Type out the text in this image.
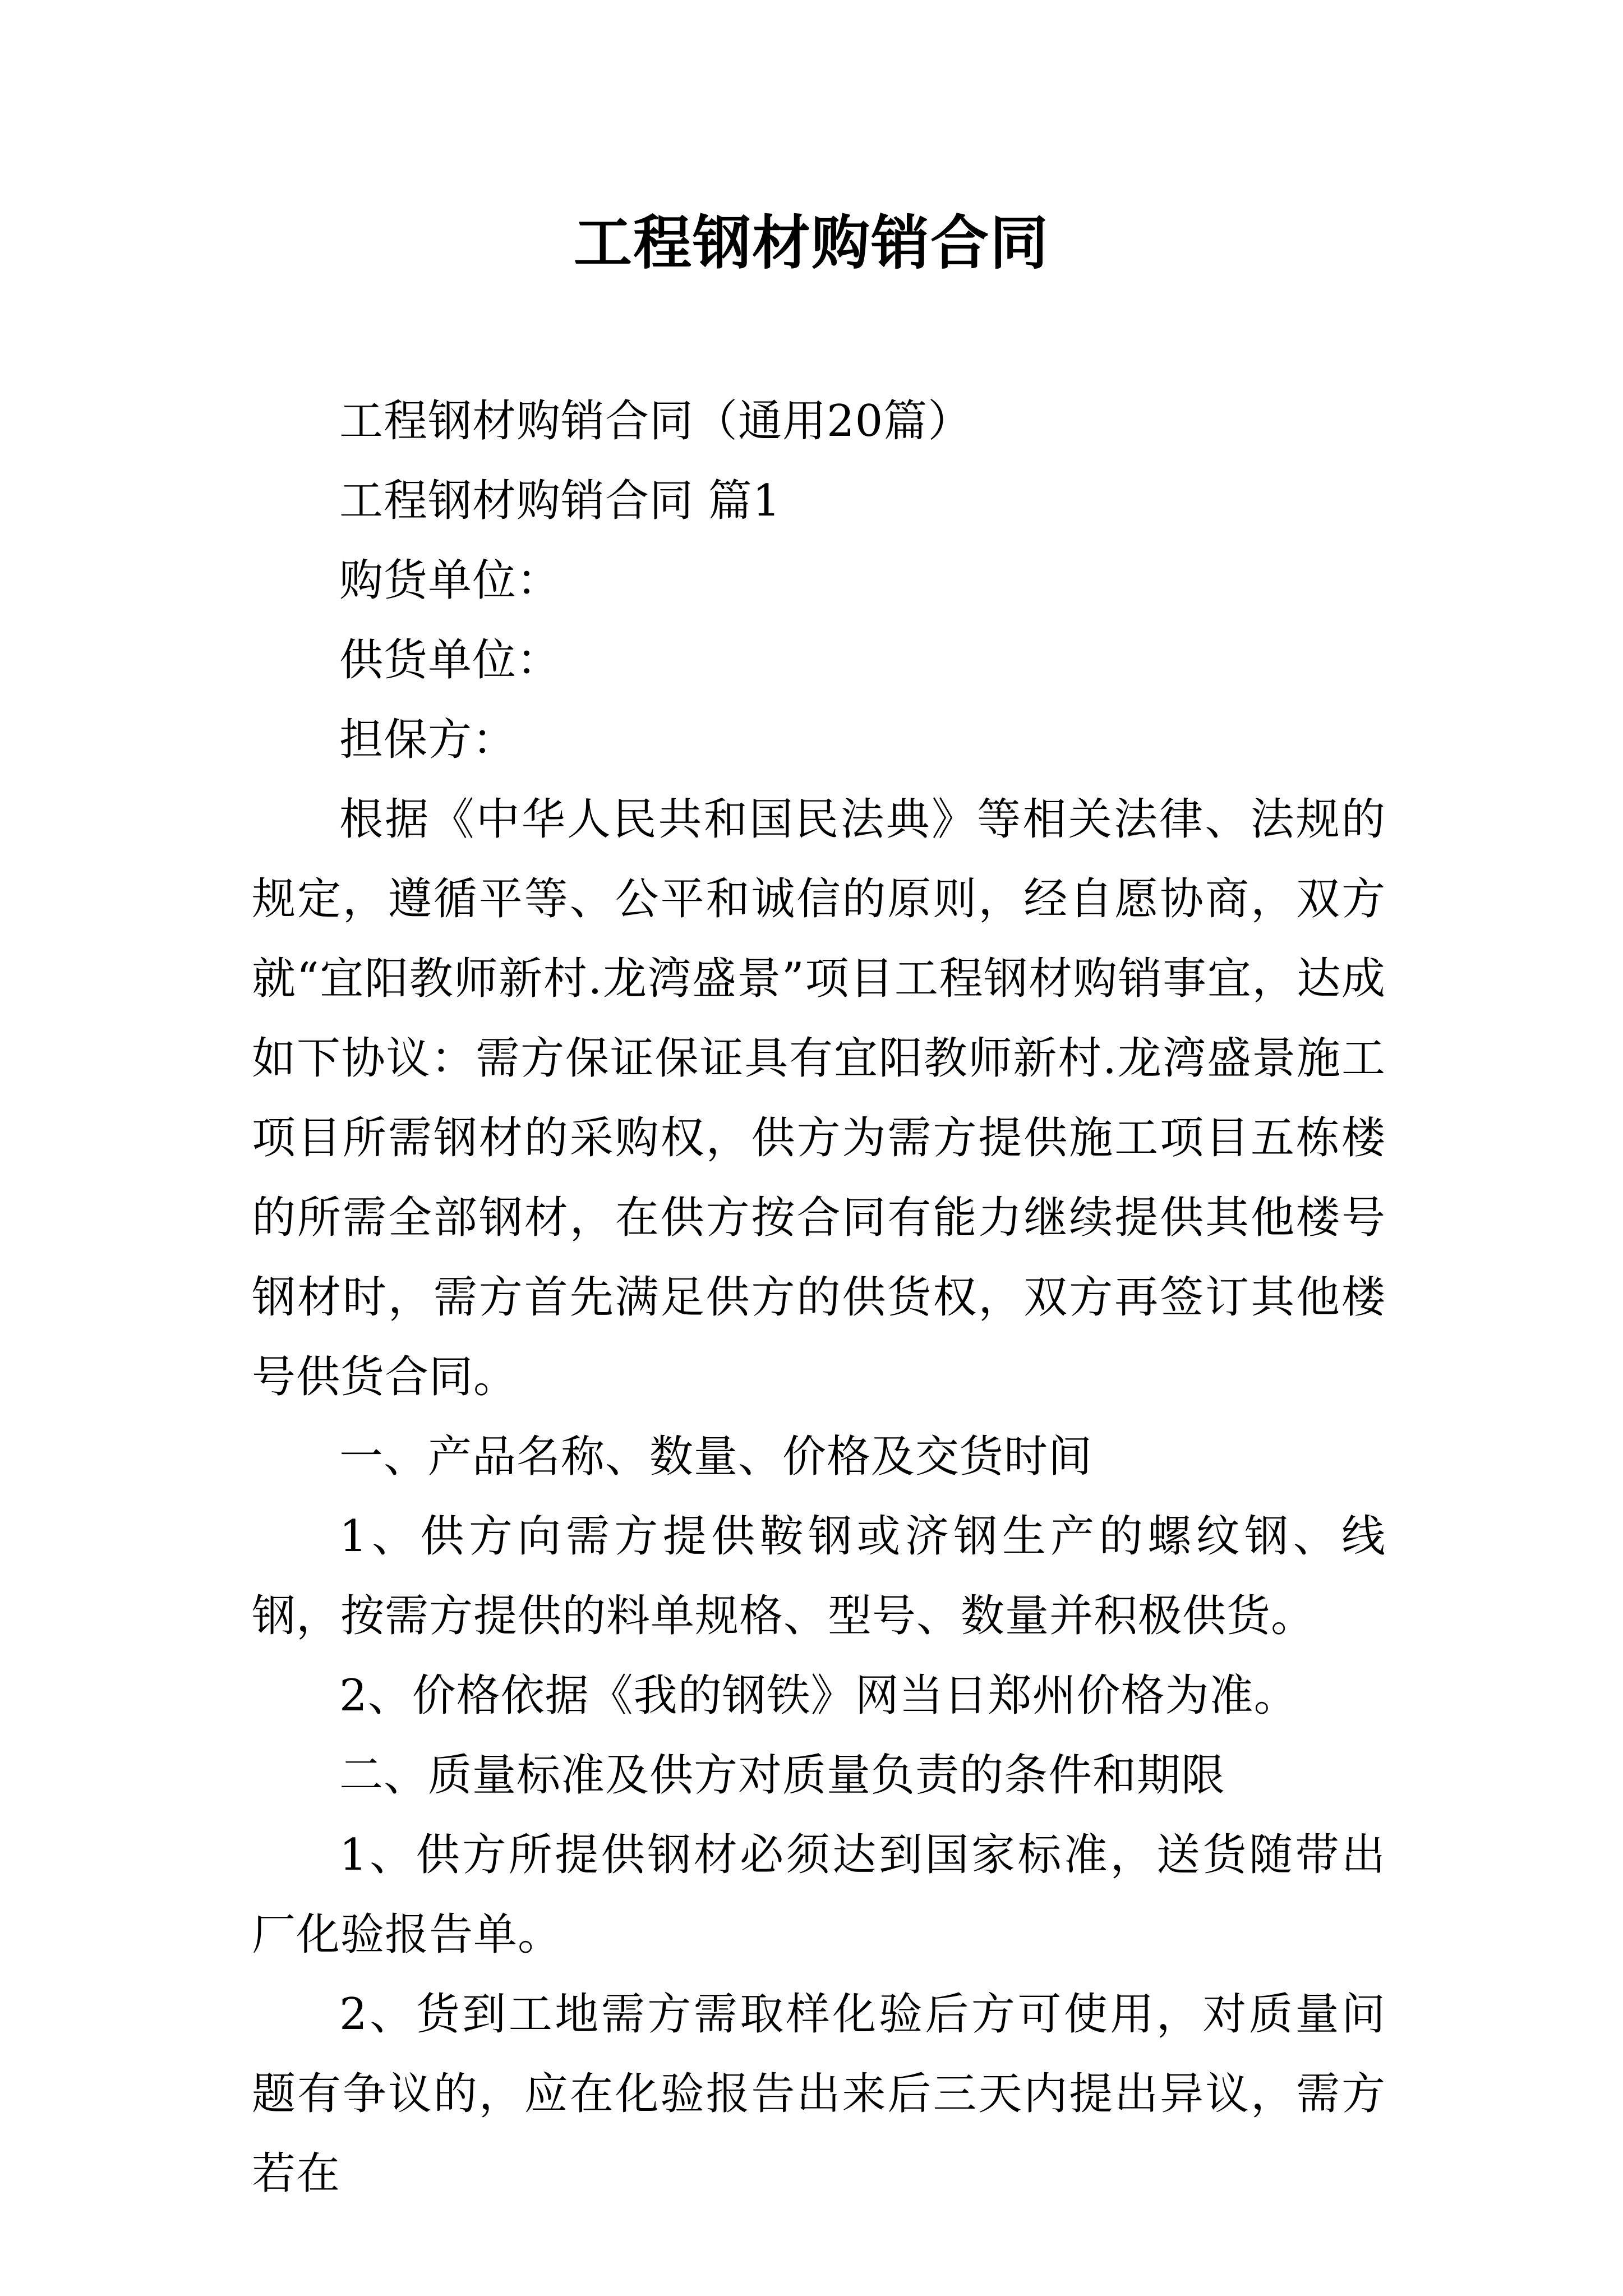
工程钢材购销合同

工程钢材购销合同（通用20篇）

工程钢材购销合同 篇1

购货单位：

供货单位：

担保方：

根据《中华人民共和国民法典》等相关法律、法规的规定，遵循平等、公平和诚信的原则，经自愿协商，双方就“宜阳教师新村.龙湾盛景”项目工程钢材购销事宜，达成如下协议：需方保证保证具有宜阳教师新村.龙湾盛景施工项目所需钢材的采购权，供方为需方提供施工项目五栋楼的所需全部钢材，在供方按合同有能力继续提供其他楼号钢材时，需方首先满足供方的供货权，双方再签订其他楼号供货合同。

一、产品名称、数量、价格及交货时间

1、供方向需方提供鞍钢或济钢生产的螺纹钢、线钢，按需方提供的料单规格、型号、数量并积极供货。

2、价格依据《我的钢铁》网当日郑州价格为准。

二、质量标准及供方对质量负责的条件和期限

1、供方所提供钢材必须达到国家标准，送货随带出厂化验报告单。

2、货到工地需方需取样化验后方可使用，对质量问题有争议的，应在化验报告出来后三天内提出异议，需方若在
